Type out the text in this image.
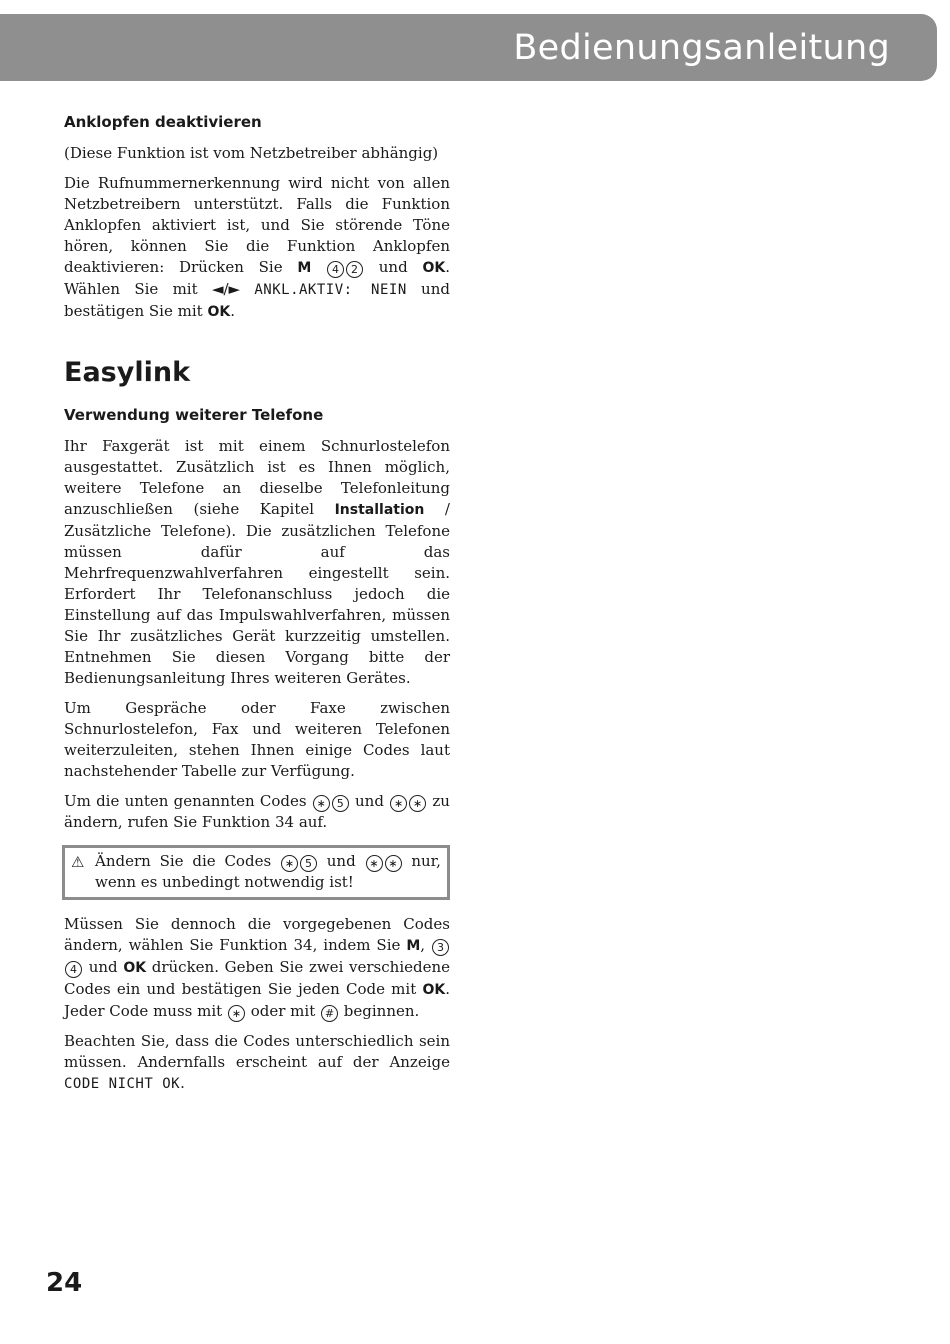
Bedienungsanleitung
Anklopfen deaktivieren

(Diese Funktion ist vom Netzbetreiber abhängig)

Die Rufnummernerkennung wird nicht von allen Netzbetreibern unterstützt. Falls die Funktion Anklopfen aktiviert ist, und Sie störende Töne hören, können Sie die Funktion Anklopfen deaktivieren: Drücken Sie M 4 2 und OK. Wählen Sie mit ◄/► ANKL.AKTIV: NEIN und bestätigen Sie mit OK.

Easylink
Verwendung weiterer Telefone

Ihr Faxgerät ist mit einem Schnurlostelefon ausgestattet. Zusätzlich ist es Ihnen möglich, weitere Telefone an dieselbe Telefonleitung anzuschließen (siehe Kapitel Installation / Zusätzliche Telefone). Die zusätzlichen Telefone müssen dafür auf das Mehrfrequenzwahlverfahren eingestellt sein. Erfordert Ihr Telefonanschluss jedoch die Einstellung auf das Impulswahlverfahren, müssen Sie Ihr zusätzliches Gerät kurzzeitig umstellen. Entnehmen Sie diesen Vorgang bitte der Bedienungsanleitung Ihres weiteren Gerätes.

Um Gespräche oder Faxe zwischen Schnurlostelefon, Fax und weiteren Telefonen weiterzuleiten, stehen Ihnen einige Codes laut nachstehender Tabelle zur Verfügung.

Um die unten genannten Codes ∗ 5 und ∗ ∗ zu ändern, rufen Sie Funktion 34 auf.

⚠ Ändern Sie die Codes ∗ 5 und ∗ ∗ nur, wenn es unbedingt notwendig ist!

Müssen Sie dennoch die vorgegebenen Codes ändern, wählen Sie Funktion 34, indem Sie M, 34 und OK drücken. Geben Sie zwei verschiedene Codes ein und bestätigen Sie jeden Code mit OK. Jeder Code muss mit ∗ oder mit # beginnen.

Beachten Sie, dass die Codes unterschiedlich sein müssen. Andernfalls erscheint auf der Anzeige CODE NICHT OK.

24
